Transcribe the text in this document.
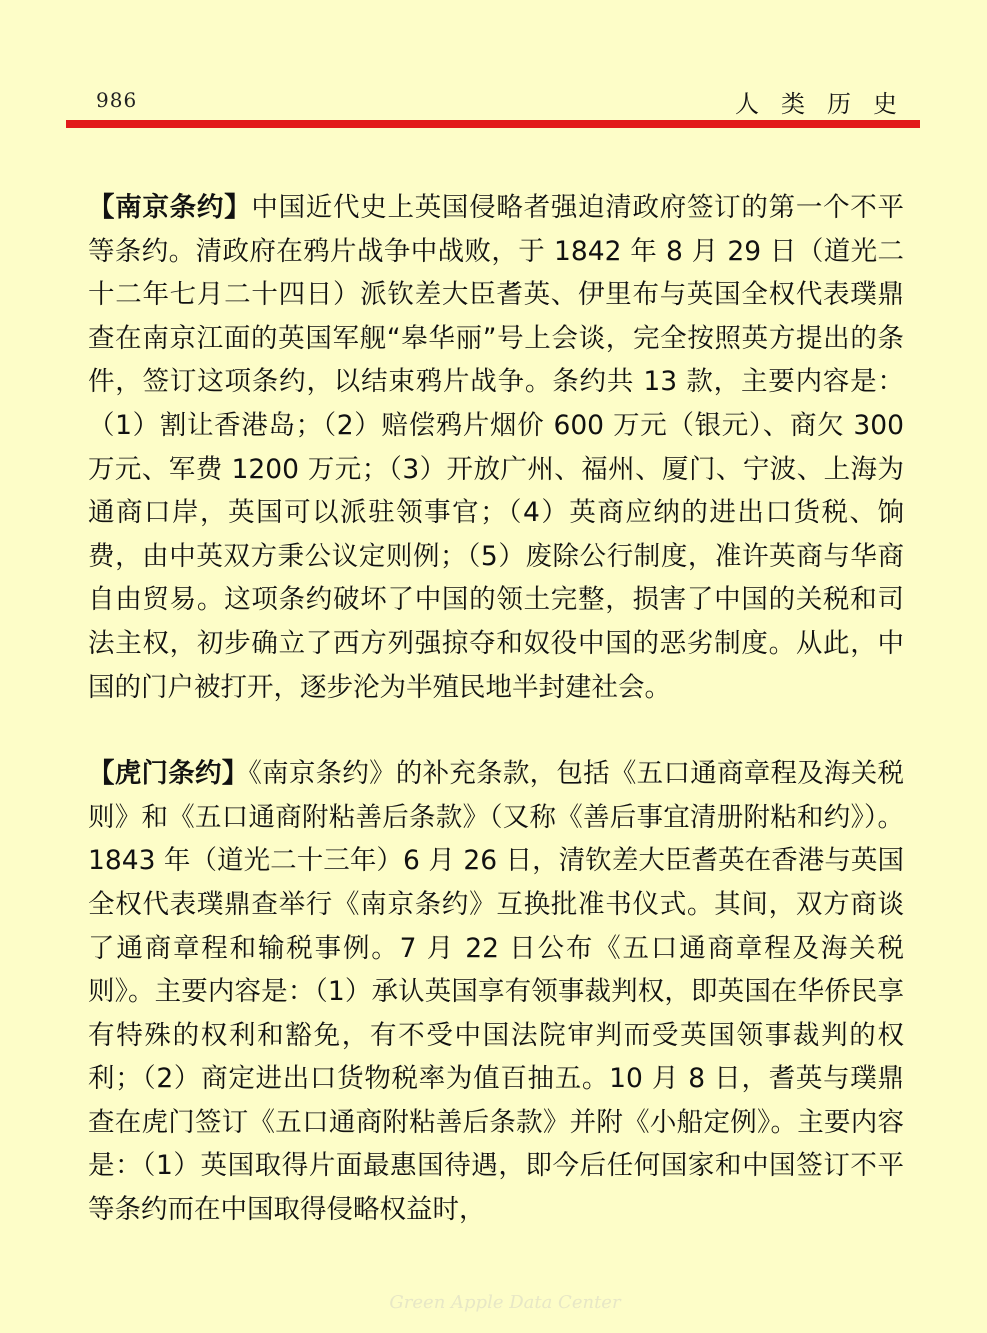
986	人类历史

【南京条约】中国近代史上英国侵略者强迫清政府签订的第一个不平等条约。清政府在鸦片战争中战败，于 1842 年 8 月 29 日（道光二十二年七月二十四日）派钦差大臣耆英、伊里布与英国全权代表璞鼎查在南京江面的英国军舰“皋华丽”号上会谈，完全按照英方提出的条件，签订这项条约，以结束鸦片战争。条约共 13 款，主要内容是：（1）割让香港岛；（2）赔偿鸦片烟价 600 万元（银元）、商欠 300 万元、军费 1200 万元；（3）开放广州、福州、厦门、宁波、上海为通商口岸，英国可以派驻领事官；（4）英商应纳的进出口货税、饷费，由中英双方秉公议定则例；（5）废除公行制度，准许英商与华商自由贸易。这项条约破坏了中国的领土完整，损害了中国的关税和司法主权，初步确立了西方列强掠夺和奴役中国的恶劣制度。从此，中国的门户被打开，逐步沦为半殖民地半封建社会。

【虎门条约】《南京条约》的补充条款，包括《五口通商章程及海关税则》和《五口通商附粘善后条款》（又称《善后事宜清册附粘和约》）。1843 年（道光二十三年）6 月 26 日，清钦差大臣耆英在香港与英国全权代表璞鼎查举行《南京条约》互换批准书仪式。其间，双方商谈了通商章程和输税事例。7 月 22 日公布《五口通商章程及海关税则》。主要内容是：（1）承认英国享有领事裁判权，即英国在华侨民享有特殊的权利和豁免，有不受中国法院审判而受英国领事裁判的权利；（2）商定进出口货物税率为值百抽五。10 月 8 日，耆英与璞鼎查在虎门签订《五口通商附粘善后条款》并附《小船定例》。主要内容是：（1）英国取得片面最惠国待遇，即今后任何国家和中国签订不平等条约而在中国取得侵略权益时，

Green Apple Data Center
